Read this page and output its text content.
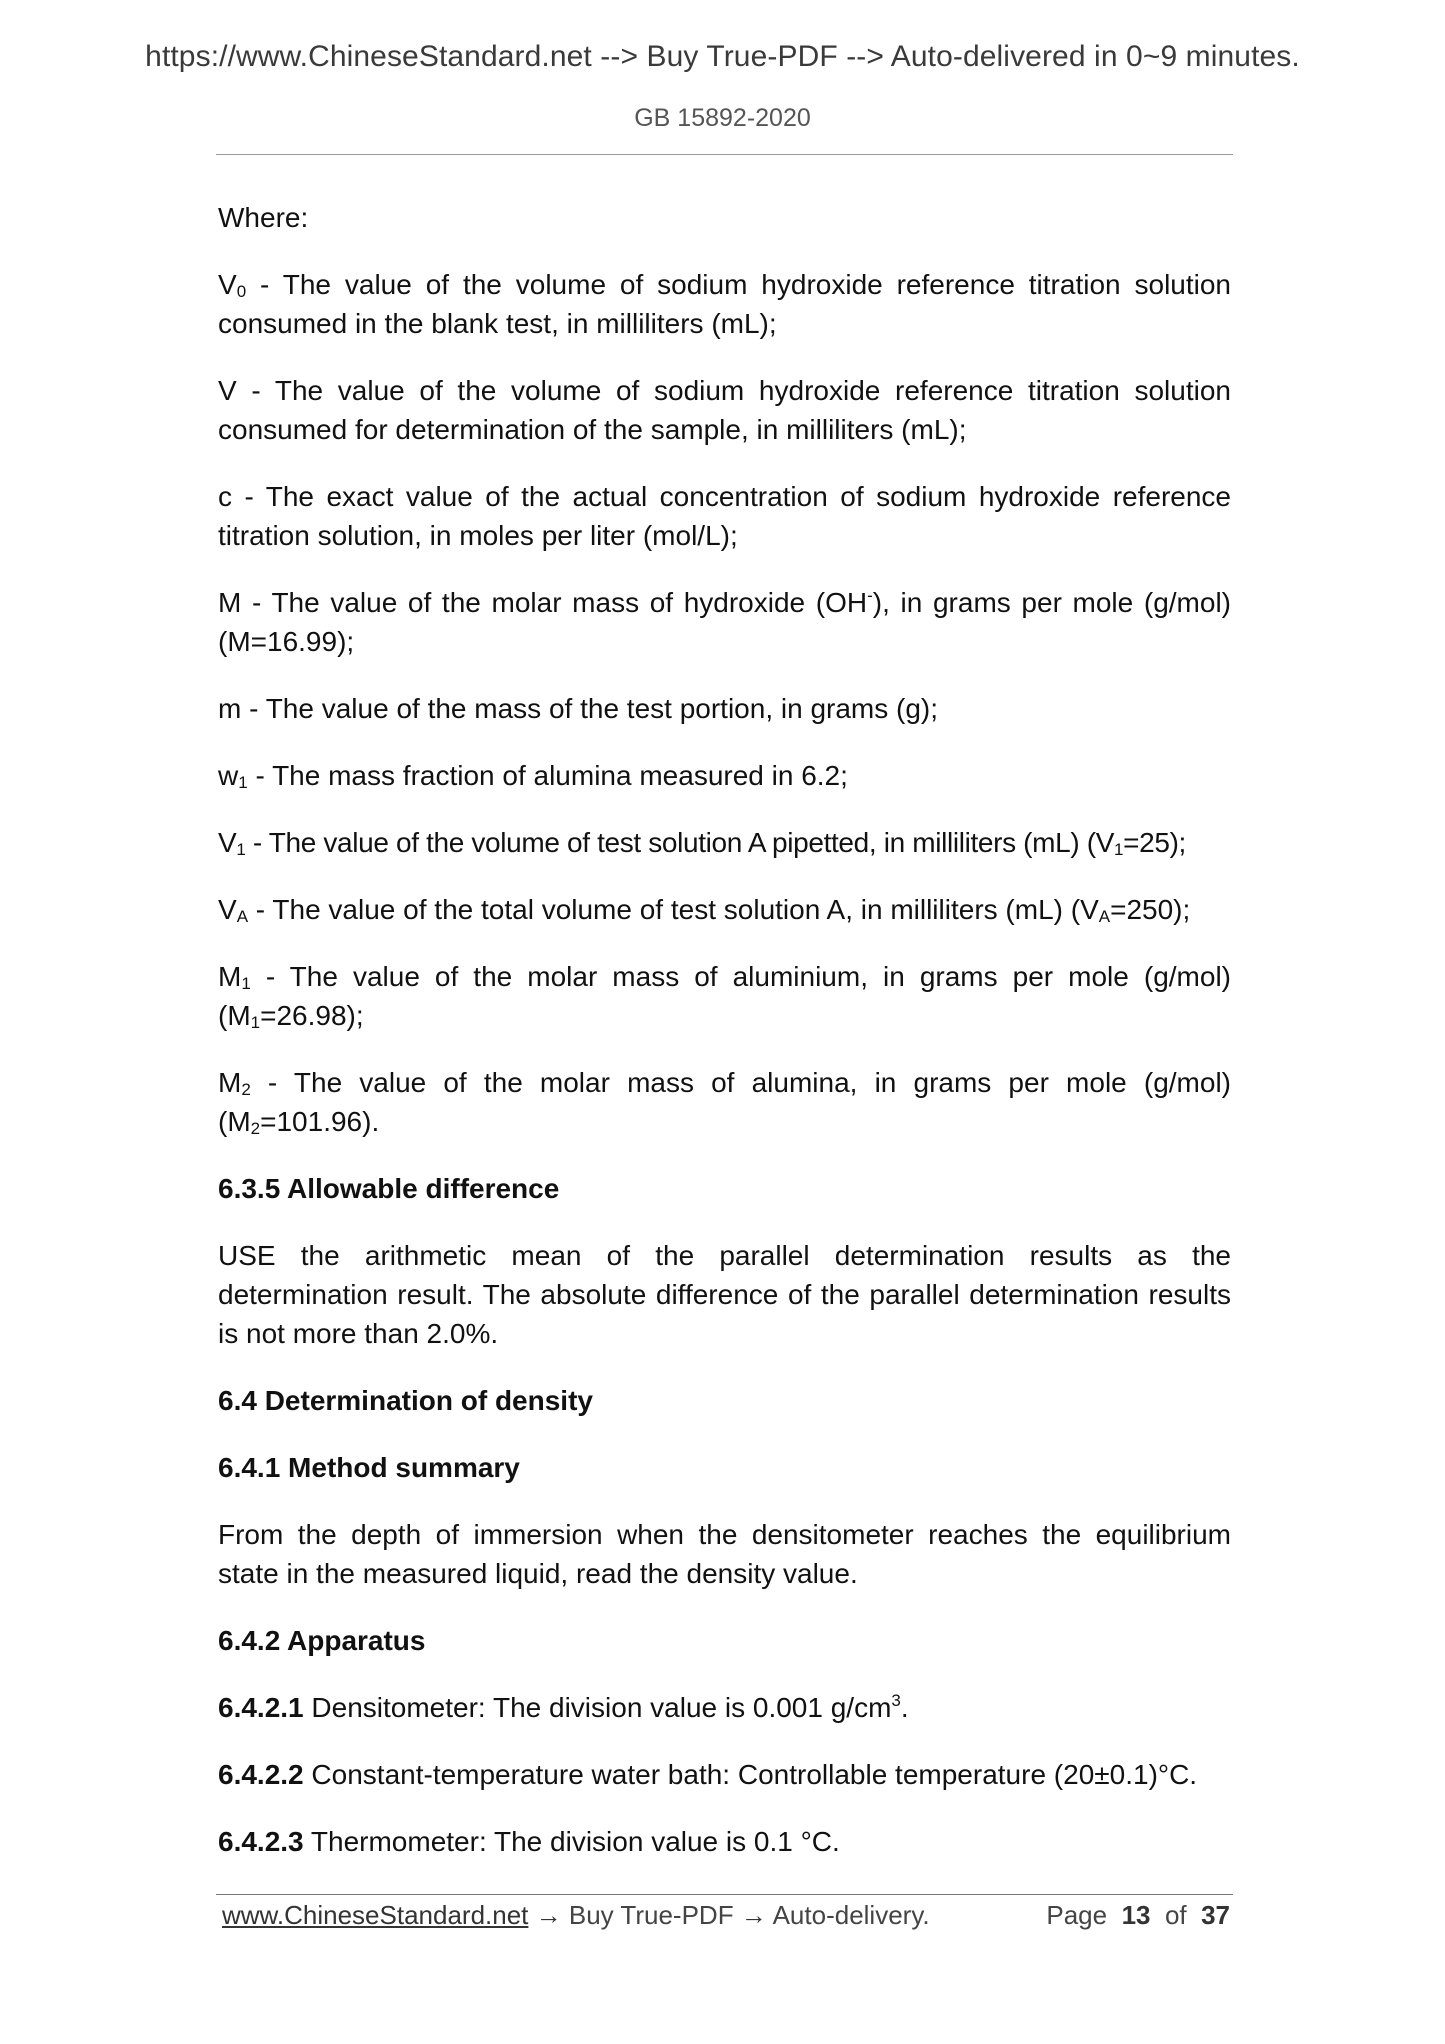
https://www.ChineseStandard.net --> Buy True-PDF --> Auto-delivered in 0~9 minutes.
GB 15892-2020

Where:

$V_0$ - The value of the volume of sodium hydroxide reference titration solution consumed in the blank test, in milliliters (mL);

V - The value of the volume of sodium hydroxide reference titration solution consumed for determination of the sample, in milliliters (mL);

c - The exact value of the actual concentration of sodium hydroxide reference titration solution, in moles per liter (mol/L);

M - The value of the molar mass of hydroxide (OH-), in grams per mole (g/mol) (M=16.99);

m - The value of the mass of the test portion, in grams (g);

$w_1$ - The mass fraction of alumina measured in 6.2;

$V_1$ - The value of the volume of test solution A pipetted, in milliliters (mL) $(V_1=25)$;

$V_A$ - The value of the total volume of test solution A, in milliliters (mL) $(V_A=250)$;

$M_1$ - The value of the molar mass of aluminium, in grams per mole (g/mol) $(M_1=26.98)$;

$M_2$ - The value of the molar mass of alumina, in grams per mole (g/mol) $(M_2=101.96)$.

6.3.5 Allowable difference

USE the arithmetic mean of the parallel determination results as the determination result. The absolute difference of the parallel determination results is not more than 2.0%.

6.4 Determination of density

6.4.1 Method summary

From the depth of immersion when the densitometer reaches the equilibrium state in the measured liquid, read the density value.

6.4.2 Apparatus

6.4.2.1 Densitometer: The division value is 0.001 $g/cm^3$.

6.4.2.2 Constant-temperature water bath: Controllable temperature (20±0.1)°C.

6.4.2.3 Thermometer: The division value is 0.1 °C.

www.ChineseStandard.net → Buy True-PDF → Auto-delivery.	Page 13 of 37
